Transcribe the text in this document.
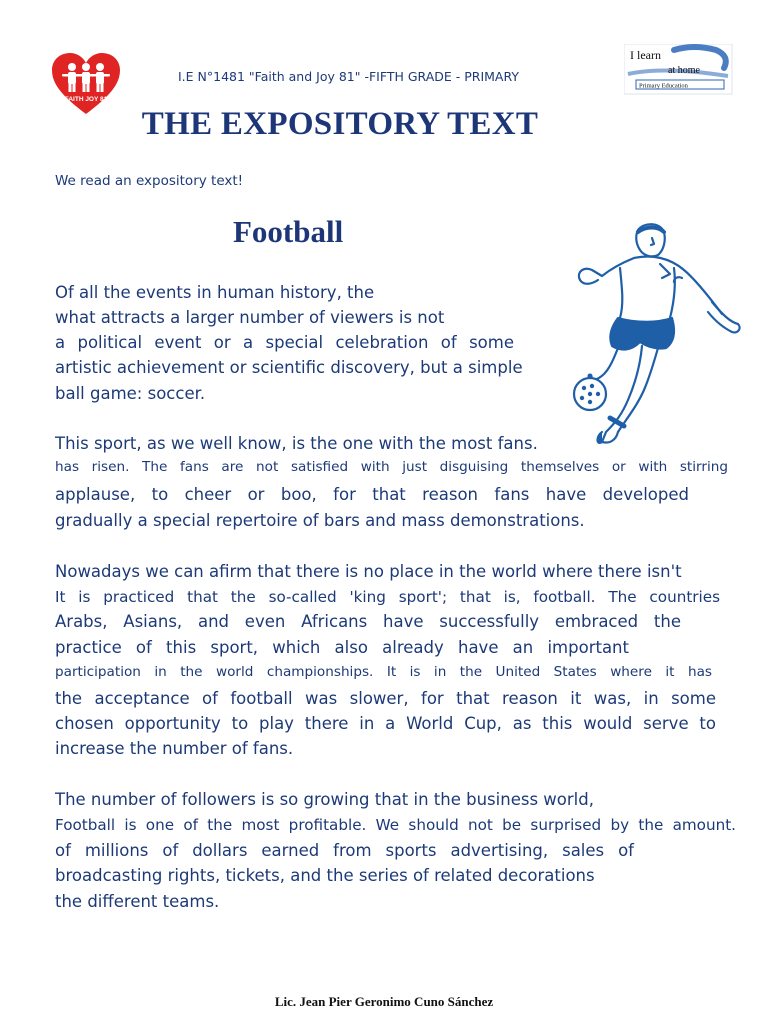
FAITH JOY 81
I.E N°1481 "Faith and Joy 81" -FIFTH GRADE - PRIMARY
I learn
at home
Primary Education
THE EXPOSITORY TEXT
We read an expository text!
Football
Of all the events in human history, the
what attracts a larger number of viewers is not
a political event or a special celebration of some
artistic achievement or scientific discovery, but a simple
ball game: soccer.
This sport, as we well know, is the one with the most fans.
has risen. The fans are not satisfied with just disguising themselves or with stirring
applause, to cheer or boo, for that reason fans have developed
gradually a special repertoire of bars and mass demonstrations.
Nowadays we can afirm that there is no place in the world where there isn't
It is practiced that the so-called 'king sport'; that is, football. The countries
Arabs, Asians, and even Africans have successfully embraced the
practice of this sport, which also already have an important
participation in the world championships. It is in the United States where it has
the acceptance of football was slower, for that reason it was, in some
chosen opportunity to play there in a World Cup, as this would serve to
increase the number of fans.
The number of followers is so growing that in the business world,
Football is one of the most profitable. We should not be surprised by the amount.
of millions of dollars earned from sports advertising, sales of
broadcasting rights, tickets, and the series of related decorations
the different teams.
Lic. Jean Pier Geronimo Cuno Sánchez
